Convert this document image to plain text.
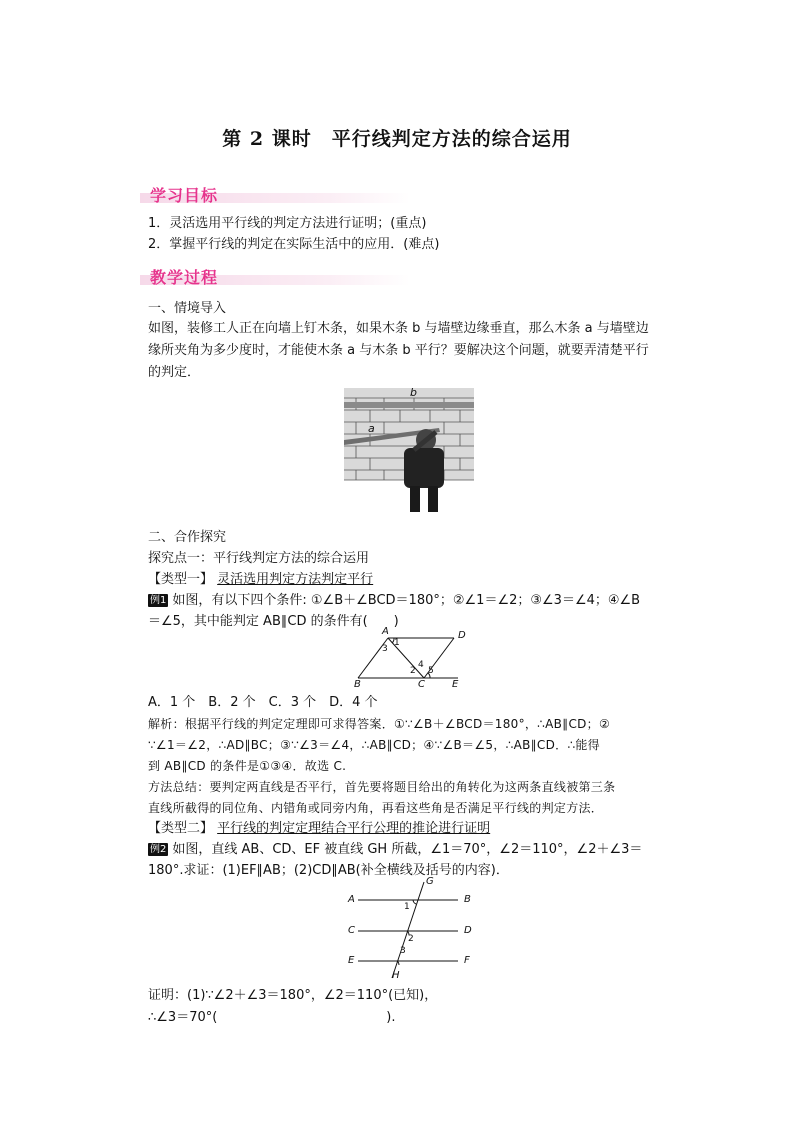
第 2 课时　平行线判定方法的综合运用
学习目标
1．灵活选用平行线的判定方法进行证明；(重点)
2．掌握平行线的判定在实际生活中的应用．(难点)
教学过程
一、情境导入
如图，装修工人正在向墙上钉木条，如果木条 b 与墙壁边缘垂直，那么木条 a 与墙壁边缘所夹角为多少度时，才能使木条 a 与木条 b 平行？要解决这个问题，就要弄清楚平行的判定．
b
a
二、合作探究
探究点一：平行线判定方法的综合运用
【类型一】 灵活选用判定方法判定平行
例1 如图，有以下四个条件: ①∠B＋∠BCD＝180°；②∠1＝∠2；③∠3＝∠4；④∠B
＝∠5，其中能判定 AB∥CD 的条件有(　　)
A	D
B	C	E
1
3
2
4
5
A．1 个　B．2 个　C．3 个　D．4 个
解析：根据平行线的判定定理即可求得答案．①∵∠B＋∠BCD＝180°，∴AB∥CD；②
∵∠1＝∠2，∴AD∥BC；③∵∠3＝∠4，∴AB∥CD；④∵∠B＝∠5，∴AB∥CD．∴能得
到 AB∥CD 的条件是①③④．故选 C.
方法总结：要判定两直线是否平行，首先要将题目给出的角转化为这两条直线被第三条
直线所截得的同位角、内错角或同旁内角，再看这些角是否满足平行线的判定方法．
【类型二】 平行线的判定定理结合平行公理的推论进行证明
例2 如图，直线 AB、CD、EF 被直线 GH 所截，∠1＝70°，∠2＝110°，∠2＋∠3＝
180°.求证：(1)EF∥AB；(2)CD∥AB(补全横线及括号的内容)．
G
A	B
C	D
E	F
H
1
2
3
证明：(1)∵∠2＋∠3＝180°，∠2＝110°(已知)，
∴∠3＝70°(　　　　　　　　　　　　　).
